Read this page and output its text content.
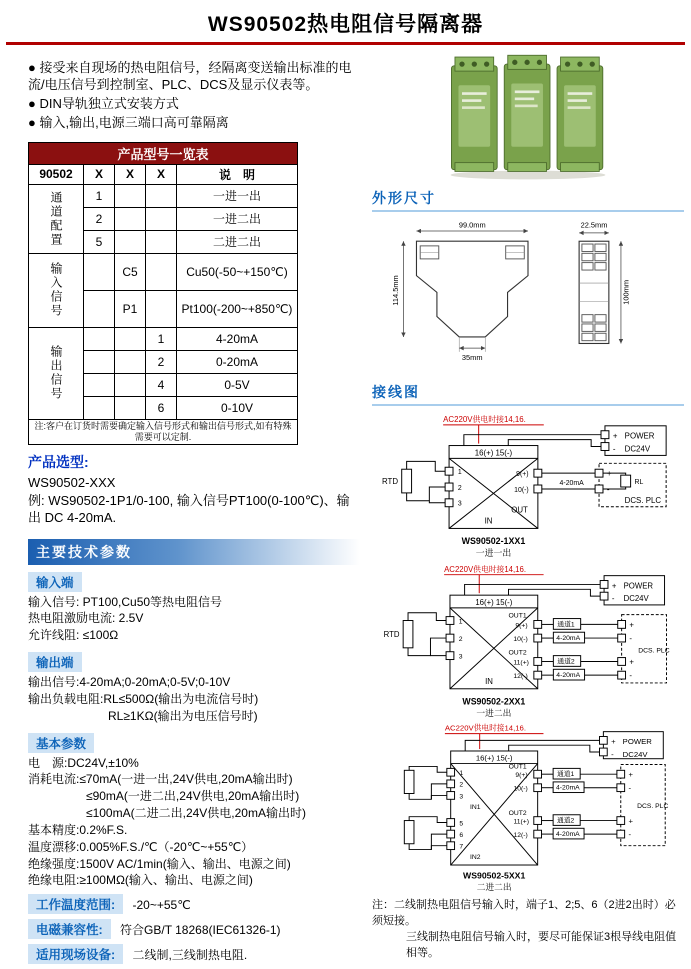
WS90502热电阻信号隔离器

● 接受来自现场的热电阻信号，经隔离变送输出标准的电流/电压信号到控制室、PLC、DCS及显示仪表等。

● DIN导轨独立式安装方式

● 输入,输出,电源三端口高可靠隔离

产品型号一览表				
90502	X	X	X	说　明
通道配置	1			一进一出
	2			一进二出
	5			二进二出
输入信号		C5		Cu50(-50~+150℃)
		P1		Pt100(-200~+850℃)
输出信号			1	4-20mA
			2	0-20mA
			4	0-5V
			6	0-10V
注:客户在订货时需要确定输入信号形式和输出信号形式,如有特殊需要可以定制.				
产品选型:
WS90502-XXX
例: WS90502-1P1/0-100, 输入信号PT100(0-100℃)、输出 DC 4-20mA.
主要技术参数
输入端

输入信号: PT100,Cu50等热电阻信号

热电阻激励电流: 2.5V

允许线阻: ≤100Ω

输出端

输出信号:4-20mA;0-20mA;0-5V;0-10V

输出负载电阻:RL≤500Ω(输出为电流信号时)

RL≥1KΩ(输出为电压信号时)

基本参数

电　源:DC24V,±10%

消耗电流:≤70mA(一进一出,24V供电,20mA输出时)

≤90mA(一进二出,24V供电,20mA输出时)

≤100mA(二进二出,24V供电,20mA输出时)

基本精度:0.2%F.S.

温度漂移:0.005%F.S./℃（-20℃~+55℃）

绝缘强度:1500V AC/1min(输入、输出、电源之间)

绝缘电阻:≥100MΩ(输入、输出、电源之间)

工作温度范围: -20~+55℃
电磁兼容性: 符合GB/T 18268(IEC61326-1)
适用现场设备: 二线制,三线制热电阻.
外形尺寸
99.0mm
114.5mm
35mm
22.5mm
100mm
接线图
AC220V供电时接14,16.
+
-
POWER
DC24V
16(+) 15(-)
1
2
3
IN
OUT
9(+)
10(-)
RTD	4-20mA
+
-
RL
DCS. PLC
WS90502-1XX1
一进一出
AC220V供电时接14,16.
+
-
POWER
DC24V
16(+) 15(-)
1
2
3
IN
OUT1
9(+)
10(-)
OUT2
11(+)
12(-)
RTD
通道1
4-20mA
通道2
4-20mA
+
-
+
-
DCS. PLC
WS90502-2XX1
一进二出
AC220V供电时接14,16.
+
-
POWER
DC24V
16(+) 15(-)
1
2
3
5
6
7
IN1
IN2
OUT1
9(+)
10(-)
OUT2
11(+)
12(-)
通道1
4-20mA
通道2
4-20mA
+
-
+
-
DCS. PLC
WS90502-5XX1
二进二出

注：二线制热电阻信号输入时，端子1、2;5、6（2进2出时）必须短接。

三线制热电阻信号输入时，要尽可能保证3根导线电阻值相等。
